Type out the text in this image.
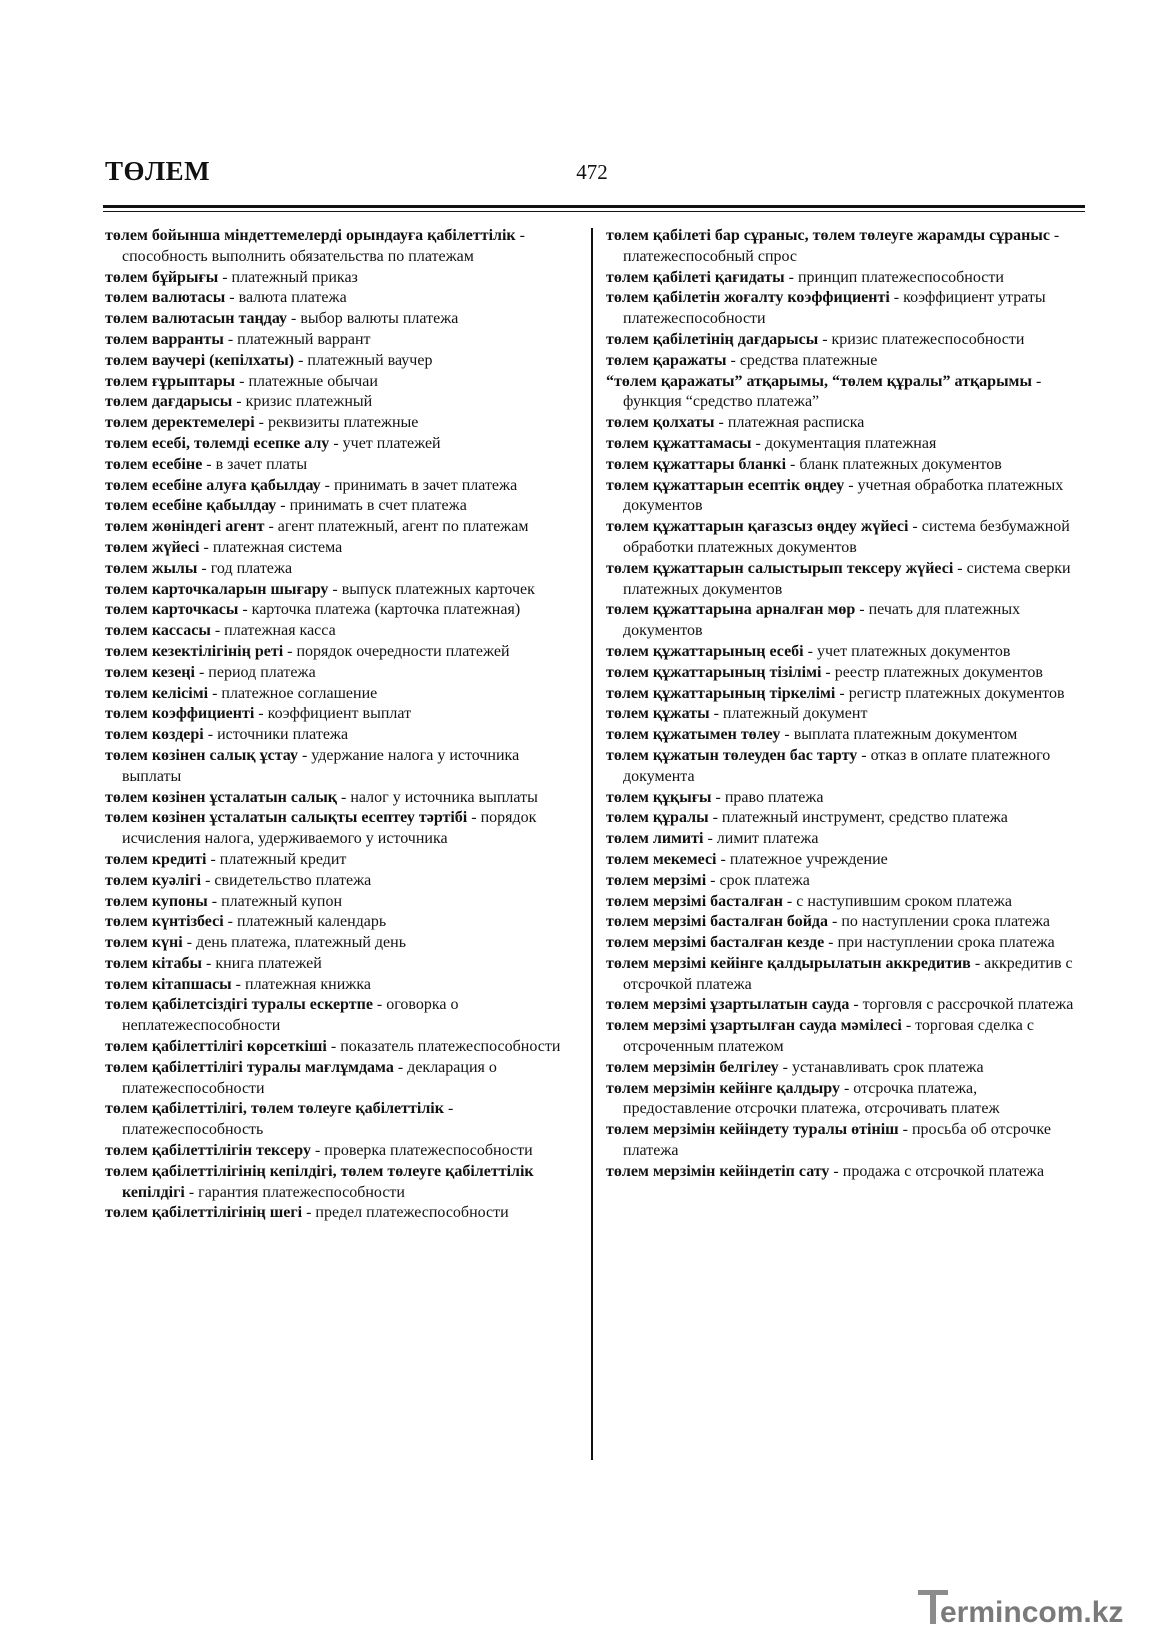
ТӨЛЕМ	472

төлем бойынша міндеттемелерді орындауға қабілеттілік - способность выполнить обязательства по платежам

төлем бұйрығы - платежный приказ

төлем валютасы - валюта платежа

төлем валютасын таңдау - выбор валюты платежа

төлем варранты - платежный варрант

төлем ваучері (кепілхаты) - платежный ваучер

төлем ғұрыптары - платежные обычаи

төлем дағдарысы - кризис платежный

төлем деректемелері - реквизиты платежные

төлем есебі, төлемді есепке алу - учет платежей

төлем есебіне - в зачет платы

төлем есебіне алуға қабылдау - принимать в зачет платежа

төлем есебіне қабылдау - принимать в счет платежа

төлем жөніндегі агент - агент платежный, агент по платежам

төлем жүйесі - платежная система

төлем жылы - год платежа

төлем карточкаларын шығару - выпуск платежных карточек

төлем карточкасы - карточка платежа (карточка платежная)

төлем кассасы - платежная касса

төлем кезектілігінің реті - порядок очередности платежей

төлем кезеңі - период платежа

төлем келісімі - платежное соглашение

төлем коэффициенті - коэффициент выплат

төлем көздері - источники платежа

төлем көзінен салық ұстау - удержание налога у источника выплаты

төлем көзінен ұсталатын салық - налог у источника выплаты

төлем көзінен ұсталатын салықты есептеу тәртібі - порядок исчисления налога, удерживаемого у источника

төлем кредиті - платежный кредит

төлем куәлігі - свидетельство платежа

төлем купоны - платежный купон

төлем күнтізбесі - платежный календарь

төлем күні - день платежа, платежный день

төлем кітабы - книга платежей

төлем кітапшасы - платежная книжка

төлем қабілетсіздігі туралы ескертпе - оговорка о неплатежеспособности

төлем қабілеттілігі көрсеткіші - показатель платежеспособности

төлем қабілеттілігі туралы мағлұмдама - декларация о платежеспособности

төлем қабілеттілігі, төлем төлеуге қабілеттілік - платежеспособность

төлем қабілеттілігін тексеру - проверка платежеспособности

төлем қабілеттілігінің кепілдігі, төлем төлеуге қабілеттілік кепілдігі - гарантия платежеспособности

төлем қабілеттілігінің шегі - предел платежеспособности

төлем қабілеті бар сұраныс, төлем төлеуге жарамды сұраныс - платежеспособный спрос

төлем қабілеті қағидаты - принцип платежеспособности

төлем қабілетін жоғалту коэффициенті - коэффициент утраты платежеспособности

төлем қабілетінің дағдарысы - кризис платежеспособности

төлем қаражаты - средства платежные

“төлем қаражаты” атқарымы, “төлем құралы” атқарымы - функция “средство платежа”

төлем қолхаты - платежная расписка

төлем құжаттамасы - документация платежная

төлем құжаттары бланкі - бланк платежных документов

төлем құжаттарын есептік өңдеу - учетная обработка платежных документов

төлем құжаттарын қағазсыз өңдеу жүйесі - система безбумажной обработки платежных документов

төлем құжаттарын салыстырып тексеру жүйесі - система сверки платежных документов

төлем құжаттарына арналған мөр - печать для платежных документов

төлем құжаттарының есебі - учет платежных документов

төлем құжаттарының тізілімі - реестр платежных документов

төлем құжаттарының тіркелімі - регистр платежных документов

төлем құжаты - платежный документ

төлем құжатымен төлеу - выплата платежным документом

төлем құжатын төлеуден бас тарту - отказ в оплате платежного документа

төлем құқығы - право платежа

төлем құралы - платежный инструмент, средство платежа

төлем лимиті - лимит платежа

төлем мекемесі - платежное учреждение

төлем мерзімі - срок платежа

төлем мерзімі басталған - с наступившим сроком платежа

төлем мерзімі басталған бойда - по наступлении срока платежа

төлем мерзімі басталған кезде - при наступлении срока платежа

төлем мерзімі кейінге қалдырылатын аккредитив - аккредитив с отсрочкой платежа

төлем мерзімі ұзартылатын сауда - торговля с рассрочкой платежа

төлем мерзімі ұзартылған сауда мәмілесі - торговая сделка с отсроченным платежом

төлем мерзімін белгілеу - устанавливать срок платежа

төлем мерзімін кейінге қалдыру - отсрочка платежа, предоставление отсрочки платежа, отсрочивать платеж

төлем мерзімін кейіндету туралы өтініш - просьба об отсрочке платежа

төлем мерзімін кейіндетіп сату - продажа с отсрочкой платежа

ermincom.kz
